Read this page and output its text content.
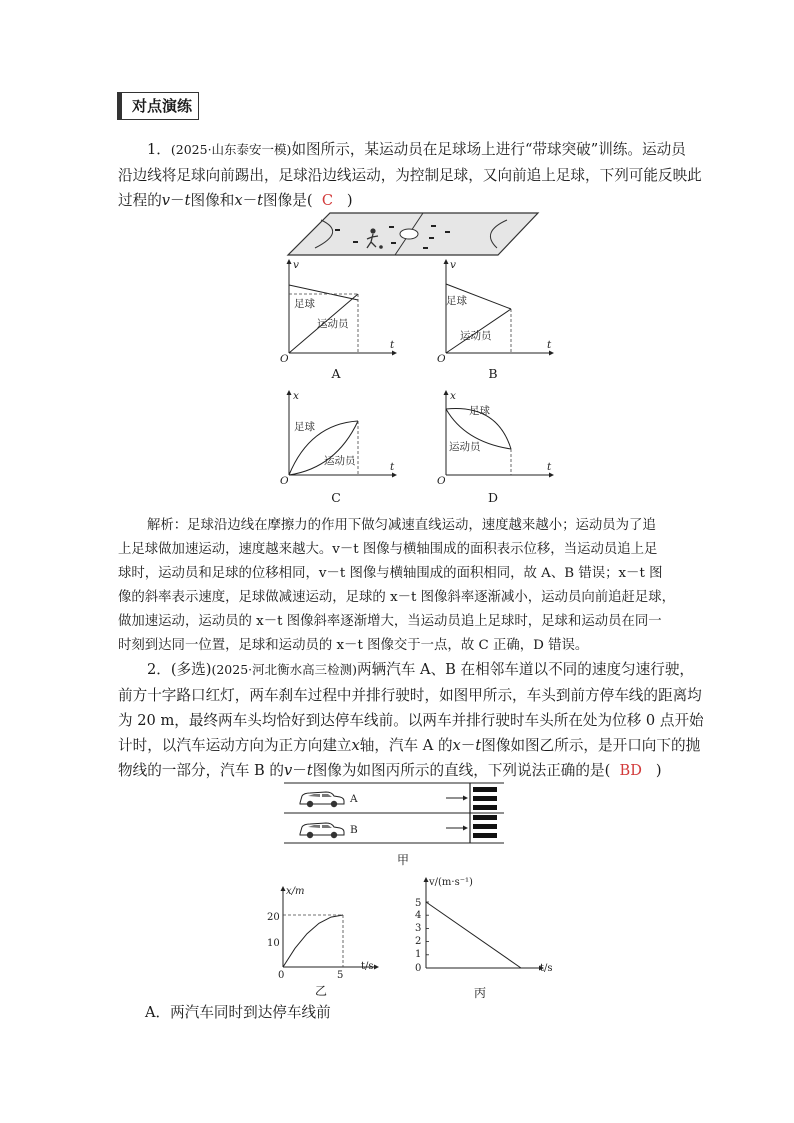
对点演练
1．(2025·山东泰安一模)如图所示，某运动员在足球场上进行“带球突破”训练。运动员
沿边线将足球向前踢出，足球沿边线运动，为控制足球，又向前追上足球，下列可能反映此
过程的v－t图像和x－t图像是( C )
v
t
O
足球
运动员
A
v
t
O
足球
运动员
B
x
t
O
足球
运动员
C
x
t
O
足球
运动员
D
解析：足球沿边线在摩擦力的作用下做匀减速直线运动，速度越来越小；运动员为了追
上足球做加速运动，速度越来越大。v－t 图像与横轴围成的面积表示位移，当运动员追上足
球时，运动员和足球的位移相同，v－t 图像与横轴围成的面积相同，故 A、B 错误；x－t 图
像的斜率表示速度，足球做减速运动，足球的 x－t 图像斜率逐渐减小，运动员向前追赶足球，
做加速运动，运动员的 x－t 图像斜率逐渐增大，当运动员追上足球时，足球和运动员在同一
时刻到达同一位置，足球和运动员的 x－t 图像交于一点，故 C 正确，D 错误。
2．(多选)(2025·河北衡水高三检测)两辆汽车 A、B 在相邻车道以不同的速度匀速行驶，
前方十字路口红灯，两车刹车过程中并排行驶时，如图甲所示，车头到前方停车线的距离均
为 20 m，最终两车头均恰好到达停车线前。以两车并排行驶时车头所在处为位移 0 点开始
计时，以汽车运动方向为正方向建立x轴，汽车 A 的x－t图像如图乙所示，是开口向下的抛
物线的一部分，汽车 B 的v－t图像为如图丙所示的直线，下列说法正确的是( BD )
A
B
甲
x/m
t/s
20
10
0	5
乙
v/(m·s⁻¹)
t/s
5
4
3
2
1
0
丙
A．两汽车同时到达停车线前
